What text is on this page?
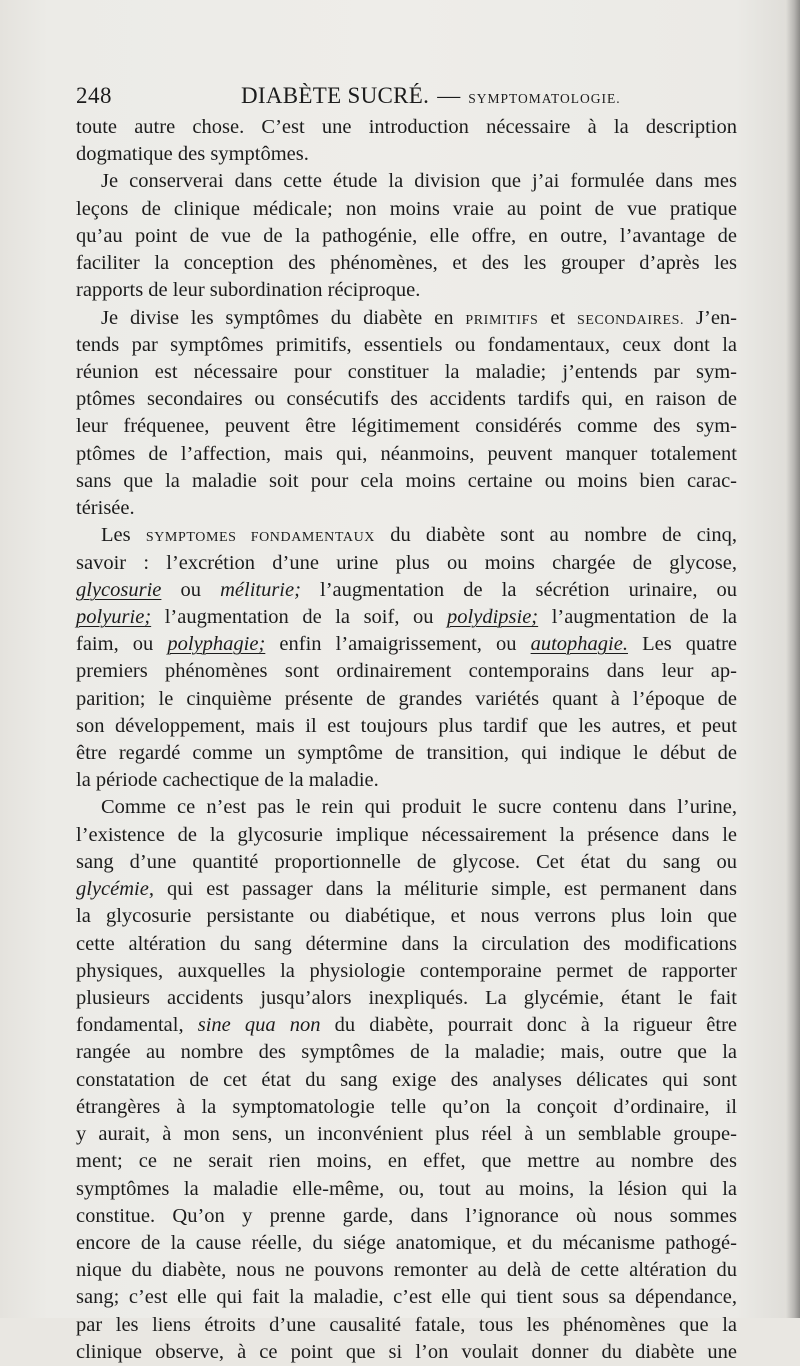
248	DIABÈTE SUCRÉ. — SYMPTOMATOLOGIE.
toute autre chose. C’est une introduction nécessaire à la description
dogmatique des symptômes.
Je conserverai dans cette étude la division que j’ai formulée dans mes
leçons de clinique médicale; non moins vraie au point de vue pratique
qu’au point de vue de la pathogénie, elle offre, en outre, l’avantage de
faciliter la conception des phénomènes, et des les grouper d’après les
rapports de leur subordination réciproque.
Je divise les symptômes du diabète en PRIMITIFS et SECONDAIRES. J’en-
tends par symptômes primitifs, essentiels ou fondamentaux, ceux dont la
réunion est nécessaire pour constituer la maladie; j’entends par sym-
ptômes secondaires ou consécutifs des accidents tardifs qui, en raison de
leur fréquenee, peuvent être légitimement considérés comme des sym-
ptômes de l’affection, mais qui, néanmoins, peuvent manquer totalement
sans que la maladie soit pour cela moins certaine ou moins bien carac-
térisée.
Les SYMPTOMES FONDAMENTAUX du diabète sont au nombre de cinq,
savoir : l’excrétion d’une urine plus ou moins chargée de glycose,
glycosurie ou méliturie; l’augmentation de la sécrétion urinaire, ou
polyurie; l’augmentation de la soif, ou polydipsie; l’augmentation de la
faim, ou polyphagie; enfin l’amaigrissement, ou autophagie. Les quatre
premiers phénomènes sont ordinairement contemporains dans leur ap-
parition; le cinquième présente de grandes variétés quant à l’époque de
son développement, mais il est toujours plus tardif que les autres, et peut
être regardé comme un symptôme de transition, qui indique le début de
la période cachectique de la maladie.
Comme ce n’est pas le rein qui produit le sucre contenu dans l’urine,
l’existence de la glycosurie implique nécessairement la présence dans le
sang d’une quantité proportionnelle de glycose. Cet état du sang ou
glycémie, qui est passager dans la méliturie simple, est permanent dans
la glycosurie persistante ou diabétique, et nous verrons plus loin que
cette altération du sang détermine dans la circulation des modifications
physiques, auxquelles la physiologie contemporaine permet de rapporter
plusieurs accidents jusqu’alors inexpliqués. La glycémie, étant le fait
fondamental, sine qua non du diabète, pourrait donc à la rigueur être
rangée au nombre des symptômes de la maladie; mais, outre que la
constatation de cet état du sang exige des analyses délicates qui sont
étrangères à la symptomatologie telle qu’on la conçoit d’ordinaire, il
y aurait, à mon sens, un inconvénient plus réel à un semblable groupe-
ment; ce ne serait rien moins, en effet, que mettre au nombre des
symptômes la maladie elle-même, ou, tout au moins, la lésion qui la
constitue. Qu’on y prenne garde, dans l’ignorance où nous sommes
encore de la cause réelle, du siége anatomique, et du mécanisme pathogé-
nique du diabète, nous ne pouvons remonter au delà de cette altération du
sang; c’est elle qui fait la maladie, c’est elle qui tient sous sa dépendance,
par les liens étroits d’une causalité fatale, tous les phénomènes que la
clinique observe, à ce point que si l’on voulait donner du diabète une
